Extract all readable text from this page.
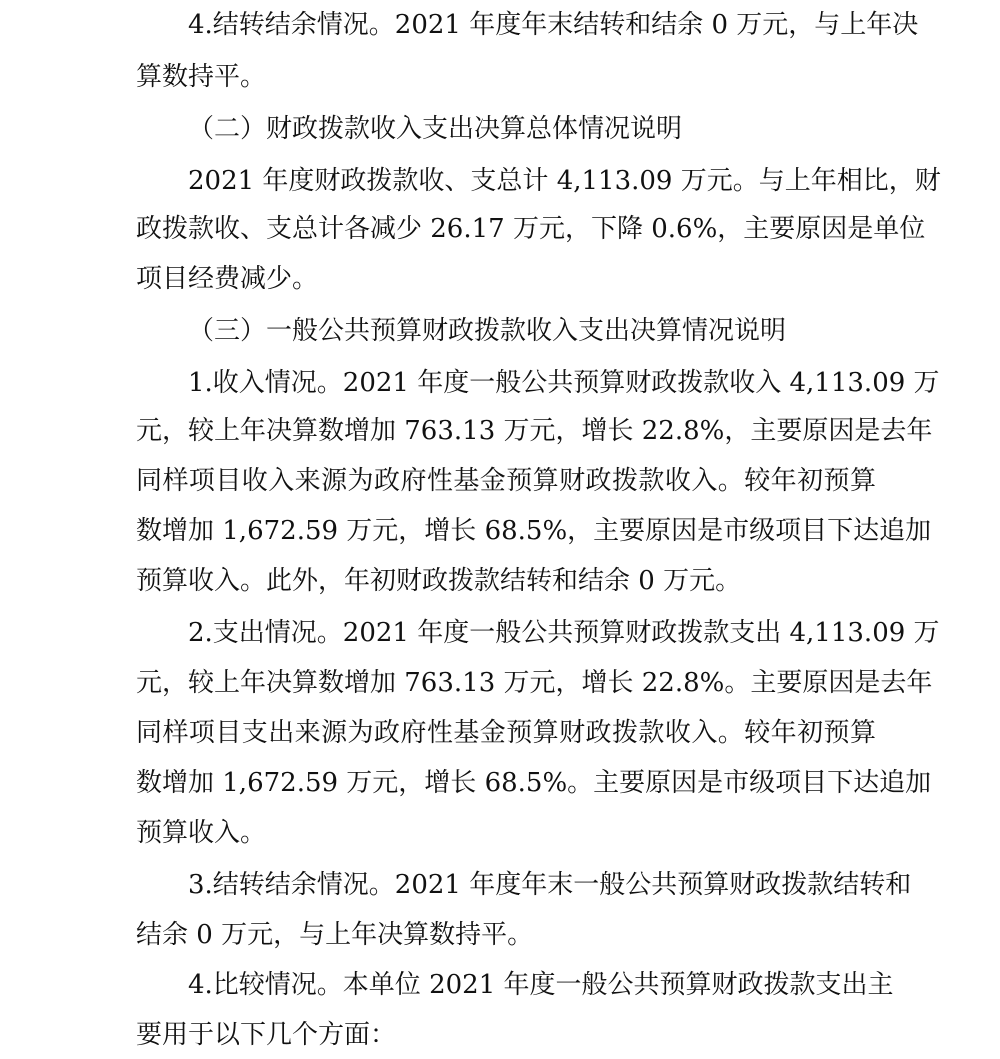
4.结转结余情况。2021 年度年末结转和结余 0 万元，与上年决
算数持平。
（二）财政拨款收入支出决算总体情况说明
2021 年度财政拨款收、支总计 4,113.09 万元。与上年相比，财
政拨款收、支总计各减少 26.17 万元，下降 0.6%，主要原因是单位
项目经费减少。
（三）一般公共预算财政拨款收入支出决算情况说明
1.收入情况。2021 年度一般公共预算财政拨款收入 4,113.09 万
元，较上年决算数增加 763.13 万元，增长 22.8%，主要原因是去年
同样项目收入来源为政府性基金预算财政拨款收入。较年初预算
数增加 1,672.59 万元，增长 68.5%，主要原因是市级项目下达追加
预算收入。此外，年初财政拨款结转和结余 0 万元。
2.支出情况。2021 年度一般公共预算财政拨款支出 4,113.09 万
元，较上年决算数增加 763.13 万元，增长 22.8%。主要原因是去年
同样项目支出来源为政府性基金预算财政拨款收入。较年初预算
数增加 1,672.59 万元，增长 68.5%。主要原因是市级项目下达追加
预算收入。
3.结转结余情况。2021 年度年末一般公共预算财政拨款结转和
结余 0 万元，与上年决算数持平。
4.比较情况。本单位 2021 年度一般公共预算财政拨款支出主
要用于以下几个方面：
